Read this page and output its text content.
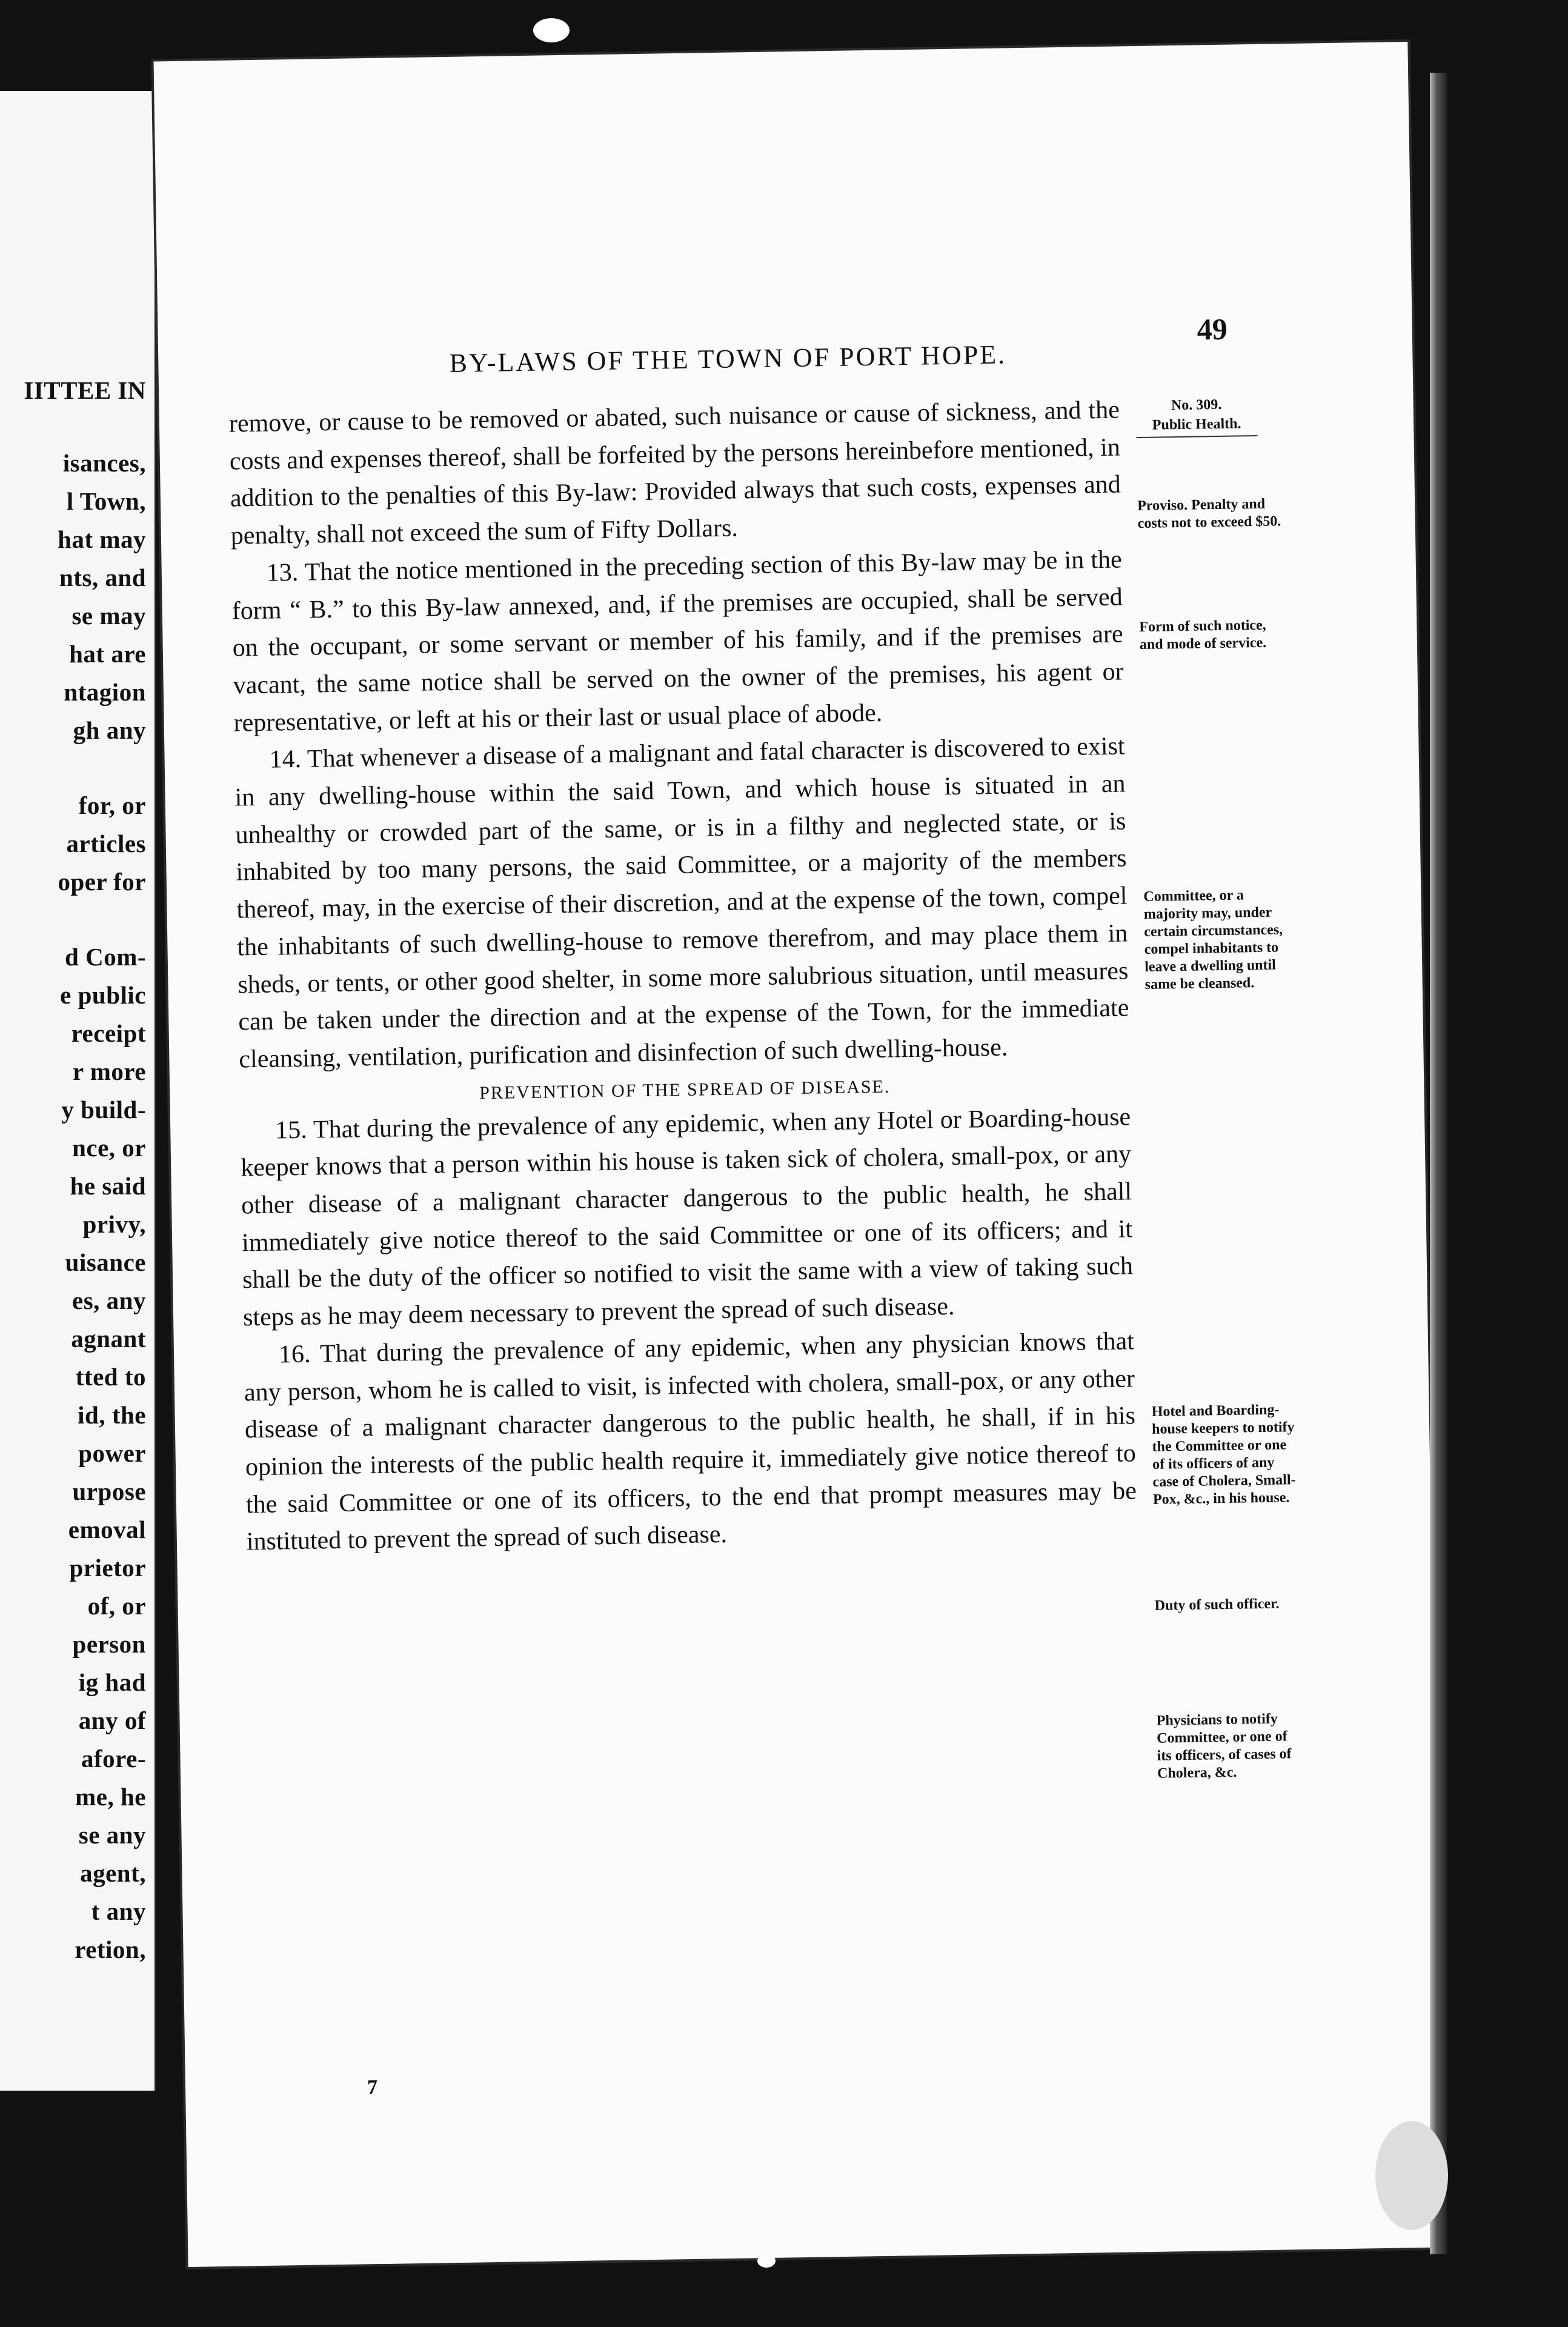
IITTEE IN
isances,
l Town,
hat may
nts, and
se may
hat are
ntagion
gh any
for, or
articles
oper for
d Com-
e public
receipt
r more
y build-
nce, or
he said
privy,
uisance
es, any
agnant
tted to
id, the
power
urpose
emoval
prietor
of, or
person
ig had
any of
afore-
me, he
se any
agent,
t any
retion,
BY-LAWS OF THE TOWN OF PORT HOPE.
49

remove, or cause to be removed or abated, such nuisance or cause of sickness, and the costs and expenses thereof, shall be forfeited by the persons hereinbefore mentioned, in addition to the penalties of this By-law: Provided always that such costs, expenses and penalty, shall not exceed the sum of Fifty Dollars.

13. That the notice mentioned in the preceding section of this By-law may be in the form “ B.” to this By-law annexed, and, if the premises are occupied, shall be served on the occupant, or some servant or member of his family, and if the premises are vacant, the same notice shall be served on the owner of the premises, his agent or representative, or left at his or their last or usual place of abode.

14. That whenever a disease of a malignant and fatal character is discovered to exist in any dwelling-house within the said Town, and which house is situated in an unhealthy or crowded part of the same, or is in a filthy and neglected state, or is inhabited by too many persons, the said Committee, or a majority of the members thereof, may, in the exercise of their discretion, and at the expense of the town, compel the inhabitants of such dwelling-house to remove therefrom, and may place them in sheds, or tents, or other good shelter, in some more salubrious situation, until measures can be taken under the direction and at the expense of the Town, for the immediate cleansing, ventilation, purification and disinfection of such dwelling-house.

PREVENTION OF THE SPREAD OF DISEASE.

15. That during the prevalence of any epidemic, when any Hotel or Boarding-house keeper knows that a person within his house is taken sick of cholera, small-pox, or any other disease of a malignant character dangerous to the public health, he shall immediately give notice thereof to the said Committee or one of its officers; and it shall be the duty of the officer so notified to visit the same with a view of taking such steps as he may deem necessary to prevent the spread of such disease.

16. That during the prevalence of any epidemic, when any physician knows that any person, whom he is called to visit, is infected with cholera, small-pox, or any other disease of a malignant character dangerous to the public health, he shall, if in his opinion the interests of the public health require it, immediately give notice thereof to the said Committee or one of its officers, to the end that prompt measures may be instituted to prevent the spread of such disease.

No. 309.
Public Health.
Proviso. Penalty and costs not to exceed $50.
Form of such notice, and mode of service.
Committee, or a majority may, under certain circumstances, compel inhabitants to leave a dwelling until same be cleansed.
Hotel and Boarding-house keepers to notify the Committee or one of its officers of any case of Cholera, Small-Pox, &c., in his house.
Duty of such officer.
Physicians to notify Committee, or one of its officers, of cases of Cholera, &c.
7
